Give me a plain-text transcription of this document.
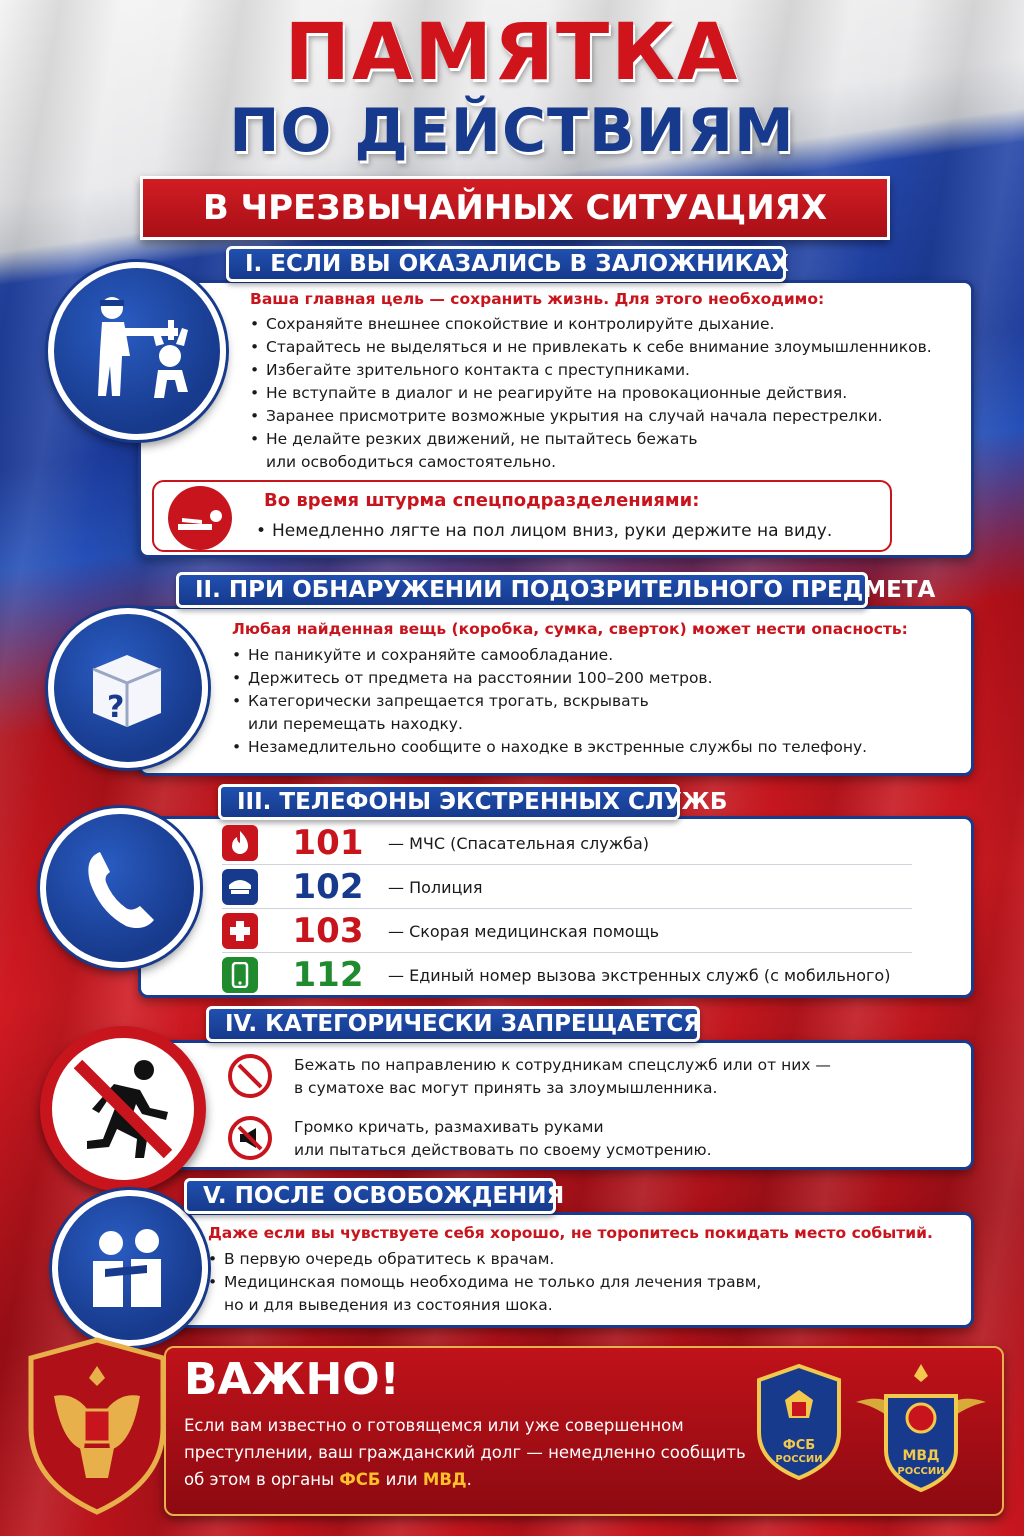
ПАМЯТКА
ПО ДЕЙСТВИЯМ
В ЧРЕЗВЫЧАЙНЫХ СИТУАЦИЯХ
I. ЕСЛИ ВЫ ОКАЗАЛИСЬ В ЗАЛОЖНИКАХ
Ваша главная цель — сохранить жизнь. Для этого необходимо:
• Сохраняйте внешнее спокойствие и контролируйте дыхание.
• Старайтесь не выделяться и не привлекать к себе внимание злоумышленников.
• Избегайте зрительного контакта с преступниками.
• Не вступайте в диалог и не реагируйте на провокационные действия.
• Заранее присмотрите возможные укрытия на случай начала перестрелки.
• Не делайте резких движений, не пытайтесь бежать
или освободиться самостоятельно.
Во время штурма спецподразделениями:
• Немедленно лягте на пол лицом вниз, руки держите на виду.
?
II. ПРИ ОБНАРУЖЕНИИ ПОДОЗРИТЕЛЬНОГО ПРЕДМЕТА
Любая найденная вещь (коробка, сумка, сверток) может нести опасность:
• Не паникуйте и сохраняйте самообладание.
• Держитесь от предмета на расстоянии 100–200 метров.
• Категорически запрещается трогать, вскрывать
или перемещать находку.
• Незамедлительно сообщите о находке в экстренные службы по телефону.
III. ТЕЛЕФОНЫ ЭКСТРЕННЫХ СЛУЖБ
101	— МЧС (Спасательная служба)
102	— Полиция
103	— Скорая медицинская помощь
112	— Единый номер вызова экстренных служб (с мобильного)
IV. КАТЕГОРИЧЕСКИ ЗАПРЕЩАЕТСЯ
Бежать по направлению к сотрудникам спецслужб или от них —
в суматохе вас могут принять за злоумышленника.
Громко кричать, размахивать руками
или пытаться действовать по своему усмотрению.
V. ПОСЛЕ ОСВОБОЖДЕНИЯ
Даже если вы чувствуете себя хорошо, не торопитесь покидать место событий.
• В первую очередь обратитесь к врачам.
• Медицинская помощь необходима не только для лечения травм,
но и для выведения из состояния шока.
ВАЖНО!
Если вам известно о готовящемся или уже совершенном преступлении, ваш гражданский долг — немедленно сообщить об этом в органы ФСБ или МВД.
ФСБ
РОССИИ	МВД
РОССИИ
